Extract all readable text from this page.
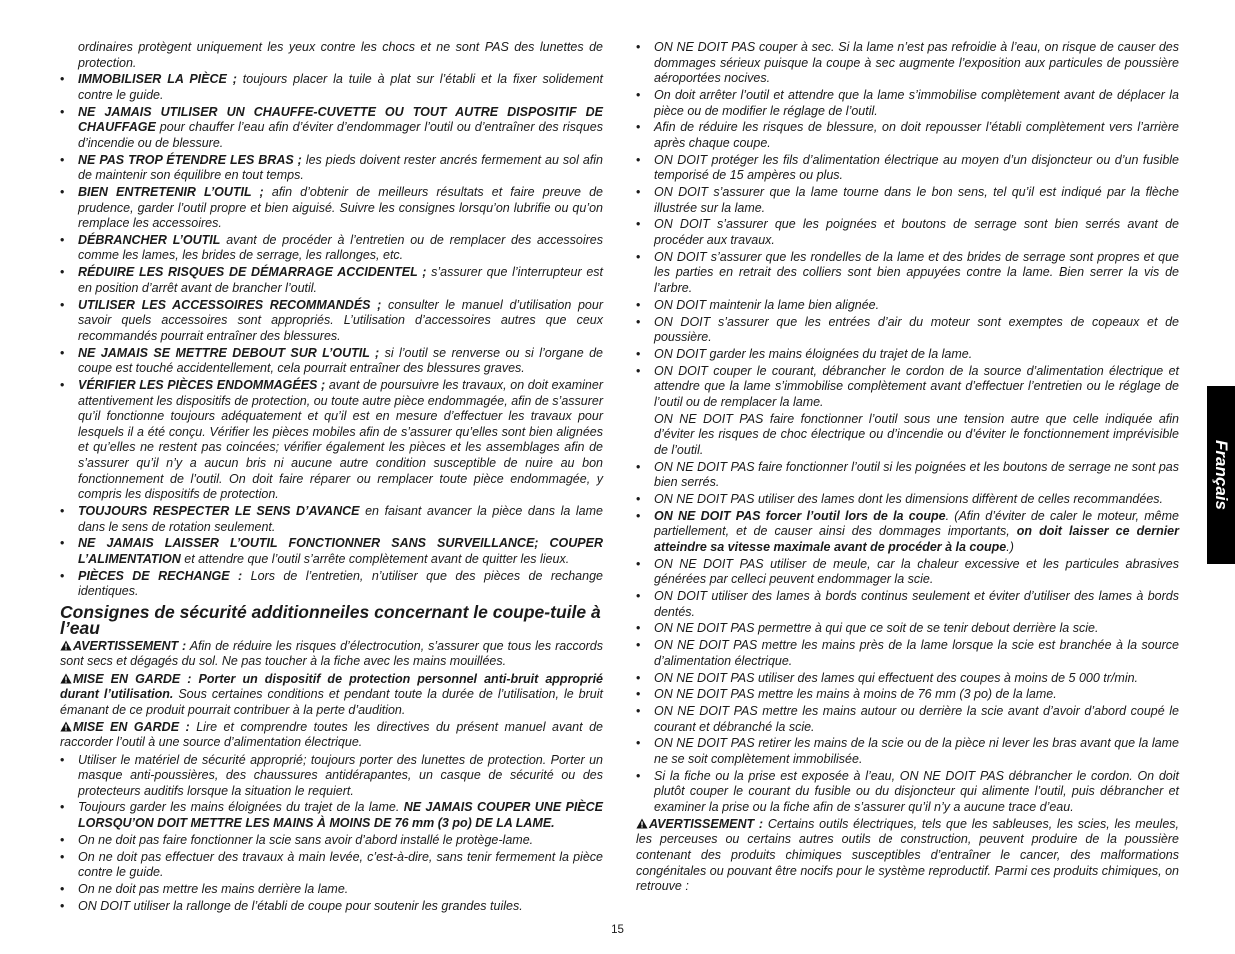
ordinaires protègent uniquement les yeux contre les chocs et ne sont PAS des lunettes de protection.
• IMMOBILISER LA PIÈCE ; toujours placer la tuile à plat sur l’établi et la fixer solidement contre le guide.
• NE JAMAIS UTILISER UN CHAUFFE-CUVETTE OU TOUT AUTRE DISPOSITIF DE CHAUFFAGE pour chauffer l’eau afin d’éviter d’endommager l’outil ou d’entraîner des risques d’incendie ou de blessure.
• NE PAS TROP ÉTENDRE LES BRAS ; les pieds doivent rester ancrés fermement au sol afin de maintenir son équilibre en tout temps.
• BIEN ENTRETENIR L’OUTIL ; afin d’obtenir de meilleurs résultats et faire preuve de prudence, garder l’outil propre et bien aiguisé. Suivre les consignes lorsqu’on lubrifie ou qu’on remplace les accessoires.
• DÉBRANCHER L’OUTIL avant de procéder à l’entretien ou de remplacer des accessoires comme les lames, les brides de serrage, les rallonges, etc.
• RÉDUIRE LES RISQUES DE DÉMARRAGE ACCIDENTEL ; s’assurer que l’interrupteur est en position d’arrêt avant de brancher l’outil.
• UTILISER LES ACCESSOIRES RECOMMANDÉS ; consulter le manuel d’utilisation pour savoir quels accessoires sont appropriés. L’utilisation d’accessoires autres que ceux recommandés pourrait entraîner des blessures.
• NE JAMAIS SE METTRE DEBOUT SUR L’OUTIL ; si l’outil se renverse ou si l’organe de coupe est touché accidentellement, cela pourrait entraîner des blessures graves.
• VÉRIFIER LES PIÈCES ENDOMMAGÉES ; avant de poursuivre les travaux, on doit examiner attentivement les dispositifs de protection, ou toute autre pièce endommagée, afin de s’assurer qu’il fonctionne toujours adéquatement et qu’il est en mesure d’effectuer les travaux pour lesquels il a été conçu. Vérifier les pièces mobiles afin de s’assurer qu’elles sont bien alignées et qu’elles ne restent pas coincées; vérifier également les pièces et les assemblages afin de s’assurer qu’il n’y a aucun bris ni aucune autre condition susceptible de nuire au bon fonctionnement de l’outil. On doit faire réparer ou remplacer toute pièce endommagée, y compris les dispositifs de protection.
• TOUJOURS RESPECTER LE SENS D’AVANCE en faisant avancer la pièce dans la lame dans le sens de rotation seulement.
• NE JAMAIS LAISSER L’OUTIL FONCTIONNER SANS SURVEILLANCE; COUPER L’ALIMENTATION et attendre que l’outil s’arrête complètement avant de quitter les lieux.
• PIÈCES DE RECHANGE : Lors de l’entretien, n’utiliser que des pièces de rechange identiques.
Consignes de sécurité additionneiles concernant le coupe-tuile à l’eau
AVERTISSEMENT : Afin de réduire les risques d’électrocution, s’assurer que tous les raccords sont secs et dégagés du sol. Ne pas toucher à la fiche avec les mains mouillées.
MISE EN GARDE : Porter un dispositif de protection personnel anti-bruit approprié durant l’utilisation. Sous certaines conditions et pendant toute la durée de l’utilisation, le bruit émanant de ce produit pourrait contribuer à la perte d’audition.
MISE EN GARDE : Lire et comprendre toutes les directives du présent manuel avant de raccorder l’outil à une source d’alimentation électrique.
• Utiliser le matériel de sécurité approprié; toujours porter des lunettes de protection. Porter un masque anti-poussières, des chaussures antidérapantes, un casque de sécurité ou des protecteurs auditifs lorsque la situation le requiert.
• Toujours garder les mains éloignées du trajet de la lame. NE JAMAIS COUPER UNE PIÈCE LORSQU’ON DOIT METTRE LES MAINS À MOINS DE 76 mm (3 po) DE LA LAME.
• On ne doit pas faire fonctionner la scie sans avoir d’abord installé le protège-lame.
• On ne doit pas effectuer des travaux à main levée, c’est-à-dire, sans tenir fermement la pièce contre le guide.
• On ne doit pas mettre les mains derrière la lame.
• ON DOIT utiliser la rallonge de l’établi de coupe pour soutenir les grandes tuiles.
• ON NE DOIT PAS couper à sec. Si la lame n’est pas refroidie à l’eau, on risque de causer des dommages sérieux puisque la coupe à sec augmente l’exposition aux particules de poussière aéroportées nocives.
• On doit arrêter l’outil et attendre que la lame s’immobilise complètement avant de déplacer la pièce ou de modifier le réglage de l’outil.
• Afin de réduire les risques de blessure, on doit repousser l’établi complètement vers l’arrière après chaque coupe.
• ON DOIT protéger les fils d’alimentation électrique au moyen d’un disjoncteur ou d’un fusible temporisé de 15 ampères ou plus.
• ON DOIT s’assurer que la lame tourne dans le bon sens, tel qu’il est indiqué par la flèche illustrée sur la lame.
• ON DOIT s’assurer que les poignées et boutons de serrage sont bien serrés avant de procéder aux travaux.
• ON DOIT s’assurer que les rondelles de la lame et des brides de serrage sont propres et que les parties en retrait des colliers sont bien appuyées contre la lame. Bien serrer la vis de l’arbre.
• ON DOIT maintenir la lame bien alignée.
• ON DOIT s’assurer que les entrées d’air du moteur sont exemptes de copeaux et de poussière.
• ON DOIT garder les mains éloignées du trajet de la lame.
• ON DOIT couper le courant, débrancher le cordon de la source d’alimentation électrique et attendre que la lame s’immobilise complètement avant d’effectuer l’entretien ou le réglage de l’outil ou de remplacer la lame.
ON NE DOIT PAS faire fonctionner l’outil sous une tension autre que celle indiquée afin d’éviter les risques de choc électrique ou d’incendie ou d’éviter le fonctionnement imprévisible de l’outil.
• ON NE DOIT PAS faire fonctionner l’outil si les poignées et les boutons de serrage ne sont pas bien serrés.
• ON NE DOIT PAS utiliser des lames dont les dimensions diffèrent de celles recommandées.
• ON NE DOIT PAS forcer l’outil lors de la coupe. (Afin d’éviter de caler le moteur, même partiellement, et de causer ainsi des dommages importants, on doit laisser ce dernier atteindre sa vitesse maximale avant de procéder à la coupe.)
• ON NE DOIT PAS utiliser de meule, car la chaleur excessive et les particules abrasives générées par celleci peuvent endommager la scie.
• ON DOIT utiliser des lames à bords continus seulement et éviter d’utiliser des lames à bords dentés.
• ON NE DOIT PAS permettre à qui que ce soit de se tenir debout derrière la scie.
• ON NE DOIT PAS mettre les mains près de la lame lorsque la scie est branchée à la source d’alimentation électrique.
• ON NE DOIT PAS utiliser des lames qui effectuent des coupes à moins de 5 000 tr/min.
• ON NE DOIT PAS mettre les mains à moins de 76 mm (3 po) de la lame.
• ON NE DOIT PAS mettre les mains autour ou derrière la scie avant d’avoir d’abord coupé le courant et débranché la scie.
• ON NE DOIT PAS retirer les mains de la scie ou de la pièce ni lever les bras avant que la lame ne se soit complètement immobilisée.
• Si la fiche ou la prise est exposée à l’eau, ON NE DOIT PAS débrancher le cordon. On doit plutôt couper le courant du fusible ou du disjoncteur qui alimente l’outil, puis débrancher et examiner la prise ou la fiche afin de s’assurer qu’il n’y a aucune trace d’eau.
AVERTISSEMENT : Certains outils électriques, tels que les sableuses, les scies, les meules, les perceuses ou certains autres outils de construction, peuvent produire de la poussière contenant des produits chimiques susceptibles d’entraîner le cancer, des malformations congénitales ou pouvant être nocifs pour le système reproductif. Parmi ces produits chimiques, on retrouve :
Français
15
